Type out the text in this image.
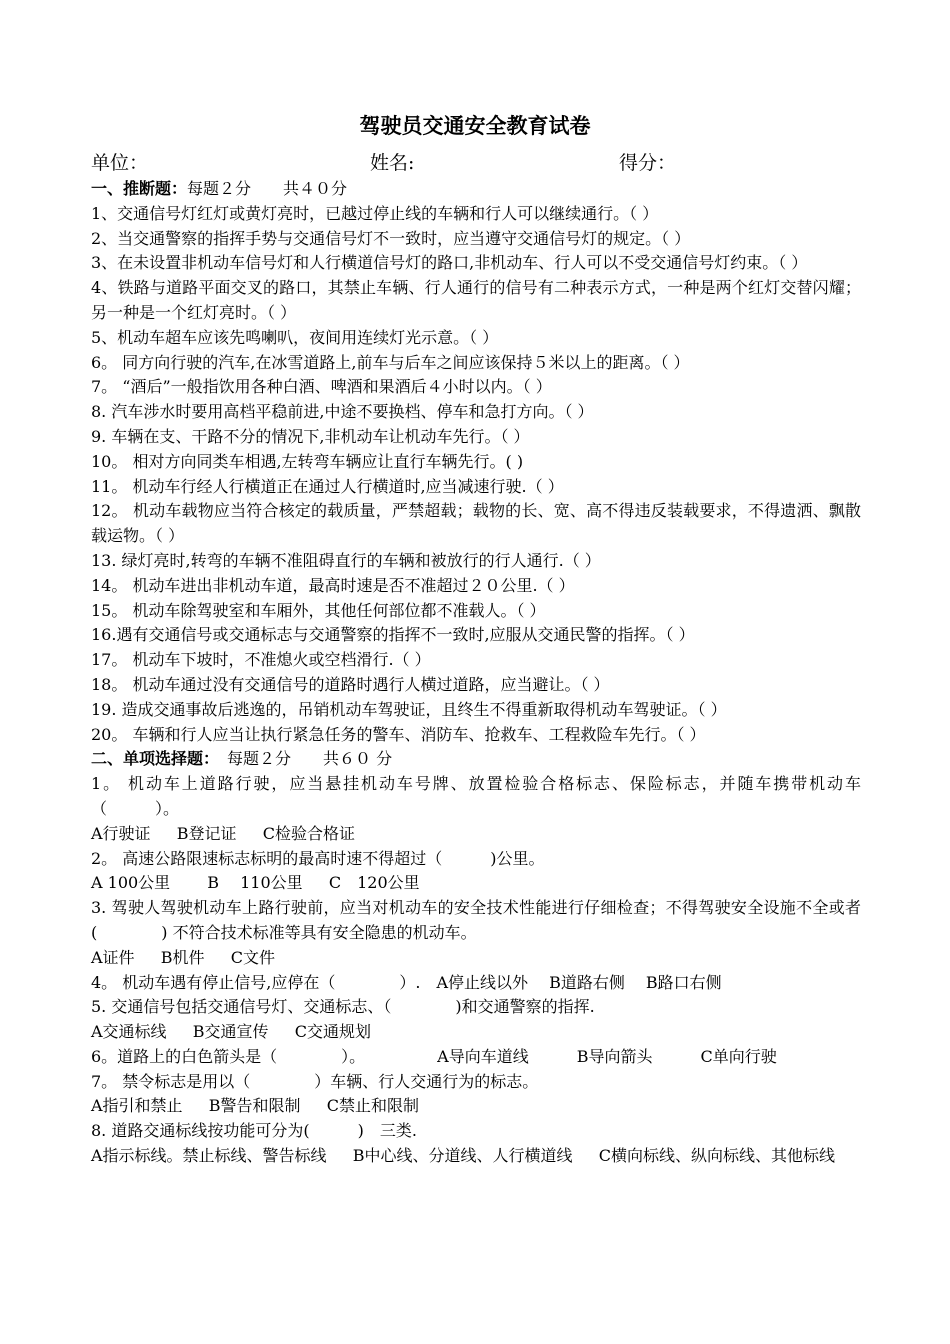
驾驶员交通安全教育试卷
单位：	姓名:	得分：
一、推断题：每题２分　　共４０分
1、交通信号灯红灯或黄灯亮时，已越过停止线的车辆和行人可以继续通行。（ ）
2、当交通警察的指挥手势与交通信号灯不一致时，应当遵守交通信号灯的规定。（ ）
3、在未设置非机动车信号灯和人行横道信号灯的路口,非机动车、行人可以不受交通信号灯约束。（ ）
4、铁路与道路平面交叉的路口，其禁止车辆、行人通行的信号有二种表示方式，一种是两个红灯交替闪耀；另一种是一个红灯亮时。（ ）
5、机动车超车应该先鸣喇叭，夜间用连续灯光示意。（ ）
6。 同方向行驶的汽车,在冰雪道路上,前车与后车之间应该保持５米以上的距离。（ ）
7。 “酒后”一般指饮用各种白酒、啤酒和果酒后４小时以内。（ ）
8. 汽车涉水时要用高档平稳前进,中途不要换档、停车和急打方向。（ ）
9. 车辆在支、干路不分的情况下,非机动车让机动车先行。（ ）
10。 相对方向同类车相遇,左转弯车辆应让直行车辆先行。( )
11。 机动车行经人行横道正在通过人行横道时,应当减速行驶.（ ）
12。 机动车载物应当符合核定的载质量，严禁超载；载物的长、宽、高不得违反装载要求，不得遗洒、飘散载运物。（ ）
13. 绿灯亮时,转弯的车辆不准阻碍直行的车辆和被放行的行人通行.（ ）
14。 机动车进出非机动车道，最高时速是否不准超过２０公里.（ ）
15。 机动车除驾驶室和车厢外，其他任何部位都不准载人。（ ）
16.遇有交通信号或交通标志与交通警察的指挥不一致时,应服从交通民警的指挥。（ ）
17。 机动车下坡时，不准熄火或空档滑行.（ ）
18。 机动车通过没有交通信号的道路时遇行人横过道路，应当避让。（ ）
19. 造成交通事故后逃逸的，吊销机动车驾驶证，且终生不得重新取得机动车驾驶证。（ ）
20。 车辆和行人应当让执行紧急任务的警车、消防车、抢救车、工程救险车先行。（ ）
二、单项选择题：　每题２分　　共６０ 分
1。 机动车上道路行驶，应当悬挂机动车号牌、放置检验合格标志、保险标志，并随车携带机动车（　　　）。
A行驶证　 B登记证　 C检验合格证
2。 高速公路限速标志标明的最高时速不得超过（　　　)公里。
A 100公里　　 B　 110公里　 C　120公里
3. 驾驶人驾驶机动车上路行驶前，应当对机动车的安全技术性能进行仔细检查；不得驾驶安全设施不全或者(　　　　) 不符合技术标准等具有安全隐患的机动车。
A证件　 B机件　 C文件
4。 机动车遇有停止信号,应停在（　　　　）.　A停止线以外　 B道路右侧　 B路口右侧
5. 交通信号包括交通信号灯、交通标志、（　　　　)和交通警察的指挥.
A交通标线　 B交通宣传　 C交通规划
6。道路上的白色箭头是（　　　　）。　　　　　A导向车道线　　　B导向箭头　　　C单向行驶
7。 禁令标志是用以（　　　　）车辆、行人交通行为的标志。
A指引和禁止　 B警告和限制　 C禁止和限制
8. 道路交通标线按功能可分为(　　　)　三类.
A指示标线。禁止标线、警告标线　 B中心线、分道线、人行横道线　 C横向标线、纵向标线、其他标线
